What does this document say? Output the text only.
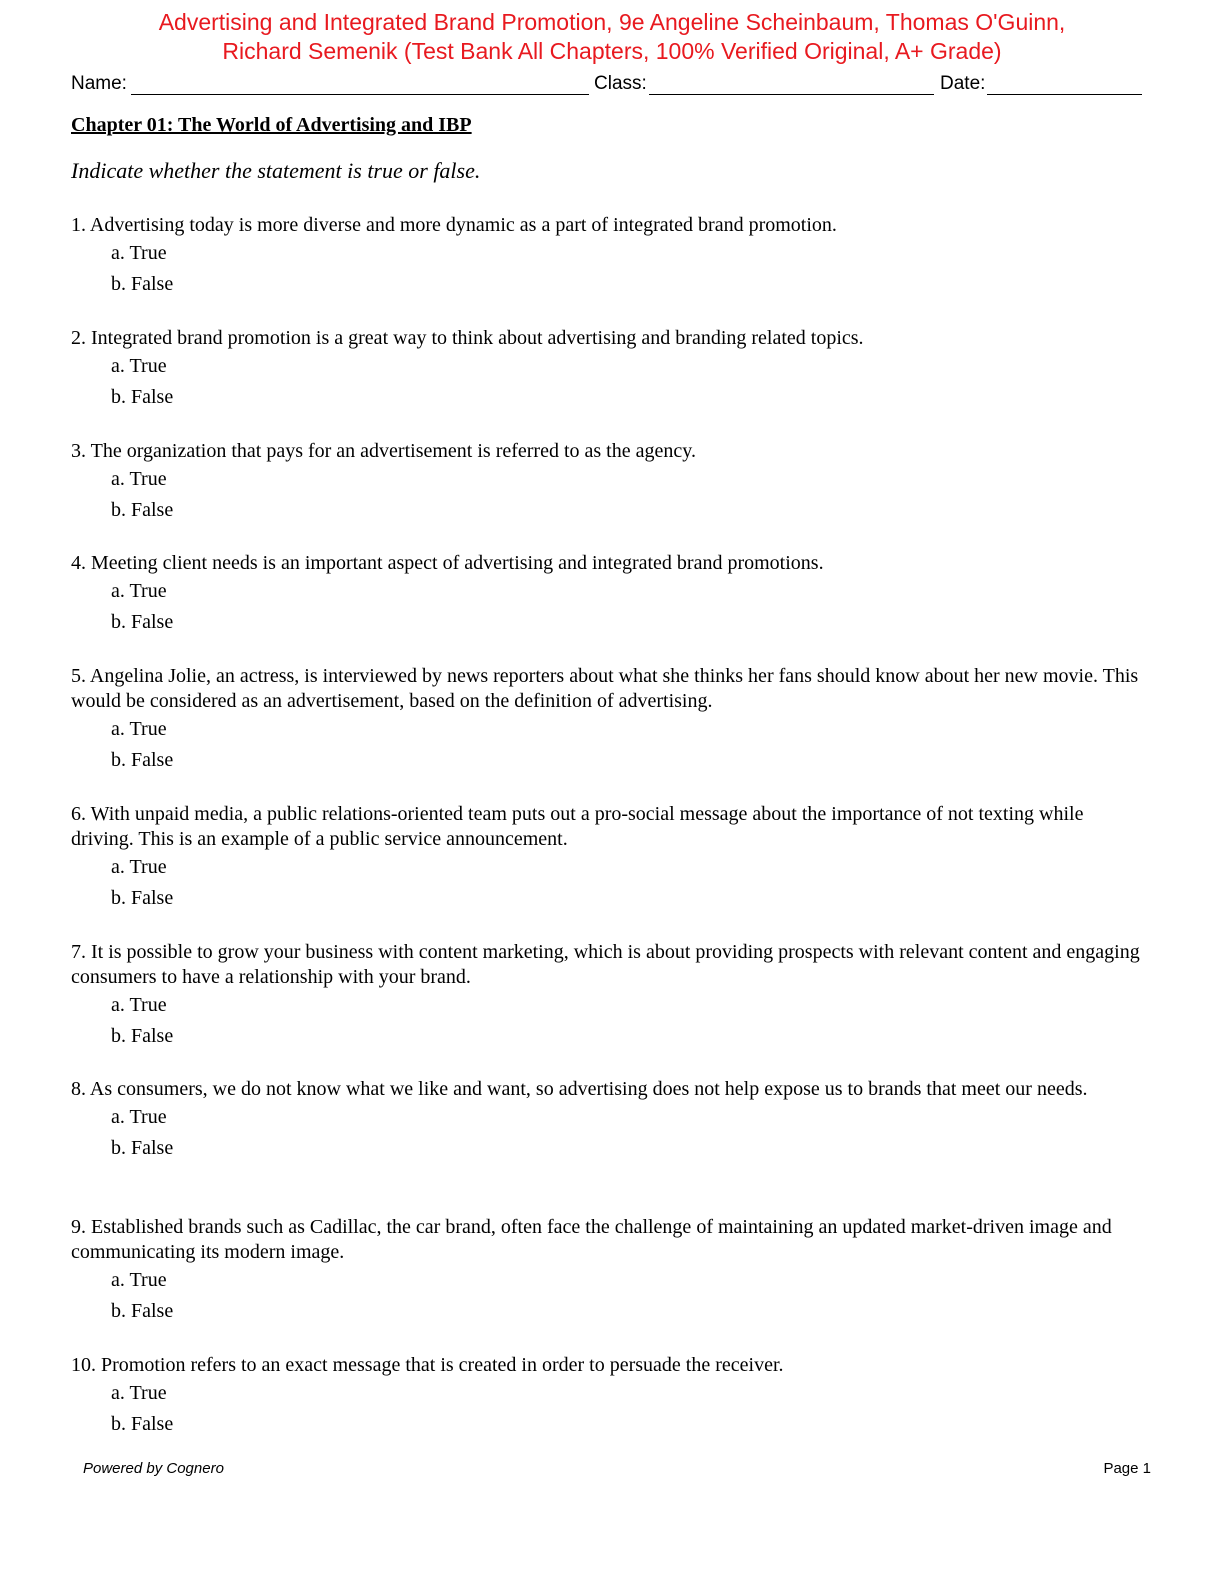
Advertising and Integrated Brand Promotion, 9e Angeline Scheinbaum, Thomas O'Guinn,
Richard Semenik (Test Bank All Chapters, 100% Verified Original, A+ Grade)
Name:	Class:	Date:
Chapter 01: The World of Advertising and IBP
Indicate whether the statement is true or false.
1. Advertising today is more diverse and more dynamic as a part of integrated brand promotion.
a. True
b. False
2. Integrated brand promotion is a great way to think about advertising and branding related topics.
a. True
b. False
3. The organization that pays for an advertisement is referred to as the agency.
a. True
b. False
4. Meeting client needs is an important aspect of advertising and integrated brand promotions.
a. True
b. False
5. Angelina Jolie, an actress, is interviewed by news reporters about what she thinks her fans should know about her new movie. This would be considered as an advertisement, based on the definition of advertising.
a. True
b. False
6. With unpaid media, a public relations-oriented team puts out a pro-social message about the importance of not texting while driving. This is an example of a public service announcement.
a. True
b. False
7. It is possible to grow your business with content marketing, which is about providing prospects with relevant content and engaging consumers to have a relationship with your brand.
a. True
b. False
8. As consumers, we do not know what we like and want, so advertising does not help expose us to brands that meet our needs.
a. True
b. False
9. Established brands such as Cadillac, the car brand, often face the challenge of maintaining an updated market-driven image and communicating its modern image.
a. True
b. False
10. Promotion refers to an exact message that is created in order to persuade the receiver.
a. True
b. False
Powered by Cognero	Page 1
